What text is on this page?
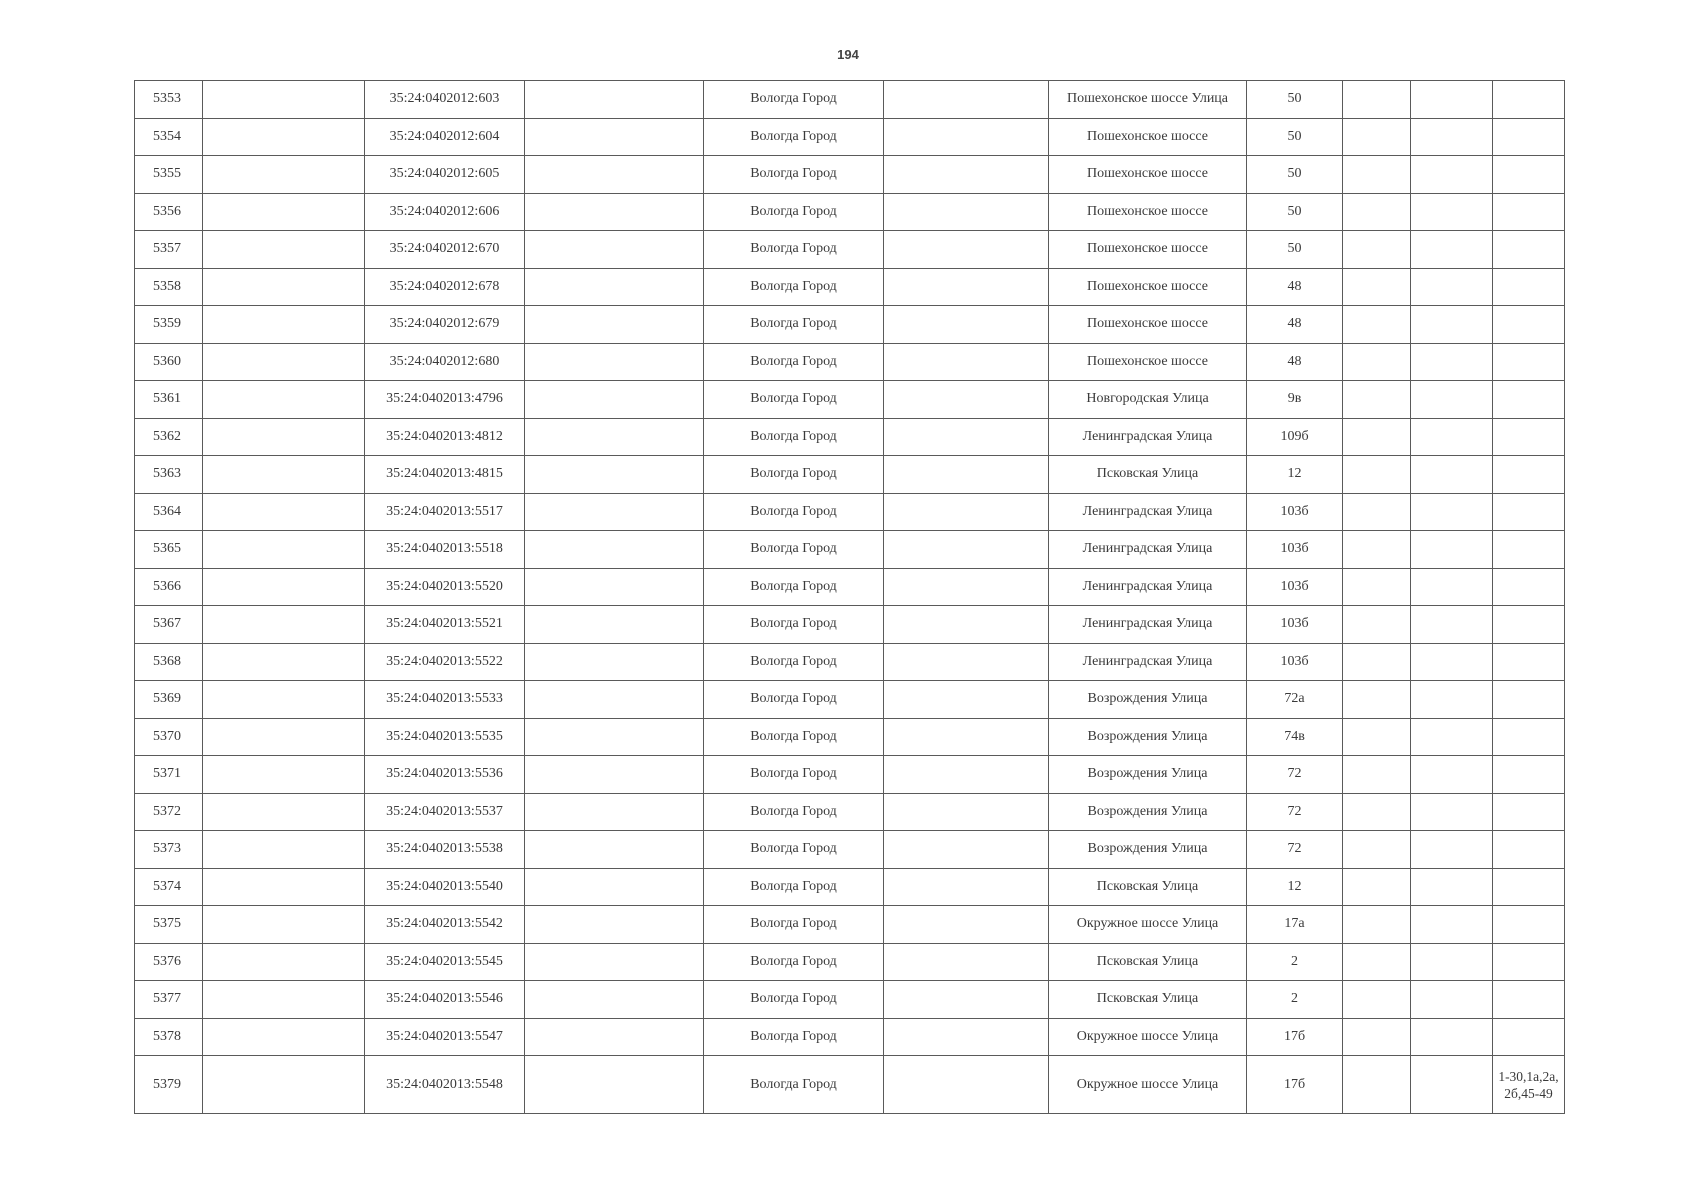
194
5353		35:24:0402012:603		Вологда Город		Пошехонское шоссе Улица	50			
5354		35:24:0402012:604		Вологда Город		Пошехонское шоссе	50			
5355		35:24:0402012:605		Вологда Город		Пошехонское шоссе	50			
5356		35:24:0402012:606		Вологда Город		Пошехонское шоссе	50			
5357		35:24:0402012:670		Вологда Город		Пошехонское шоссе	50			
5358		35:24:0402012:678		Вологда Город		Пошехонское шоссе	48			
5359		35:24:0402012:679		Вологда Город		Пошехонское шоссе	48			
5360		35:24:0402012:680		Вологда Город		Пошехонское шоссе	48			
5361		35:24:0402013:4796		Вологда Город		Новгородская Улица	9в			
5362		35:24:0402013:4812		Вологда Город		Ленинградская Улица	109б			
5363		35:24:0402013:4815		Вологда Город		Псковская Улица	12			
5364		35:24:0402013:5517		Вологда Город		Ленинградская Улица	103б			
5365		35:24:0402013:5518		Вологда Город		Ленинградская Улица	103б			
5366		35:24:0402013:5520		Вологда Город		Ленинградская Улица	103б			
5367		35:24:0402013:5521		Вологда Город		Ленинградская Улица	103б			
5368		35:24:0402013:5522		Вологда Город		Ленинградская Улица	103б			
5369		35:24:0402013:5533		Вологда Город		Возрождения Улица	72а			
5370		35:24:0402013:5535		Вологда Город		Возрождения Улица	74в			
5371		35:24:0402013:5536		Вологда Город		Возрождения Улица	72			
5372		35:24:0402013:5537		Вологда Город		Возрождения Улица	72			
5373		35:24:0402013:5538		Вологда Город		Возрождения Улица	72			
5374		35:24:0402013:5540		Вологда Город		Псковская Улица	12			
5375		35:24:0402013:5542		Вологда Город		Окружное шоссе Улица	17а			
5376		35:24:0402013:5545		Вологда Город		Псковская Улица	2			
5377		35:24:0402013:5546		Вологда Город		Псковская Улица	2			
5378		35:24:0402013:5547		Вологда Город		Окружное шоссе Улица	17б			
5379		35:24:0402013:5548		Вологда Город		Окружное шоссе Улица	17б			1-30,1а,2а, 2б,45-49
